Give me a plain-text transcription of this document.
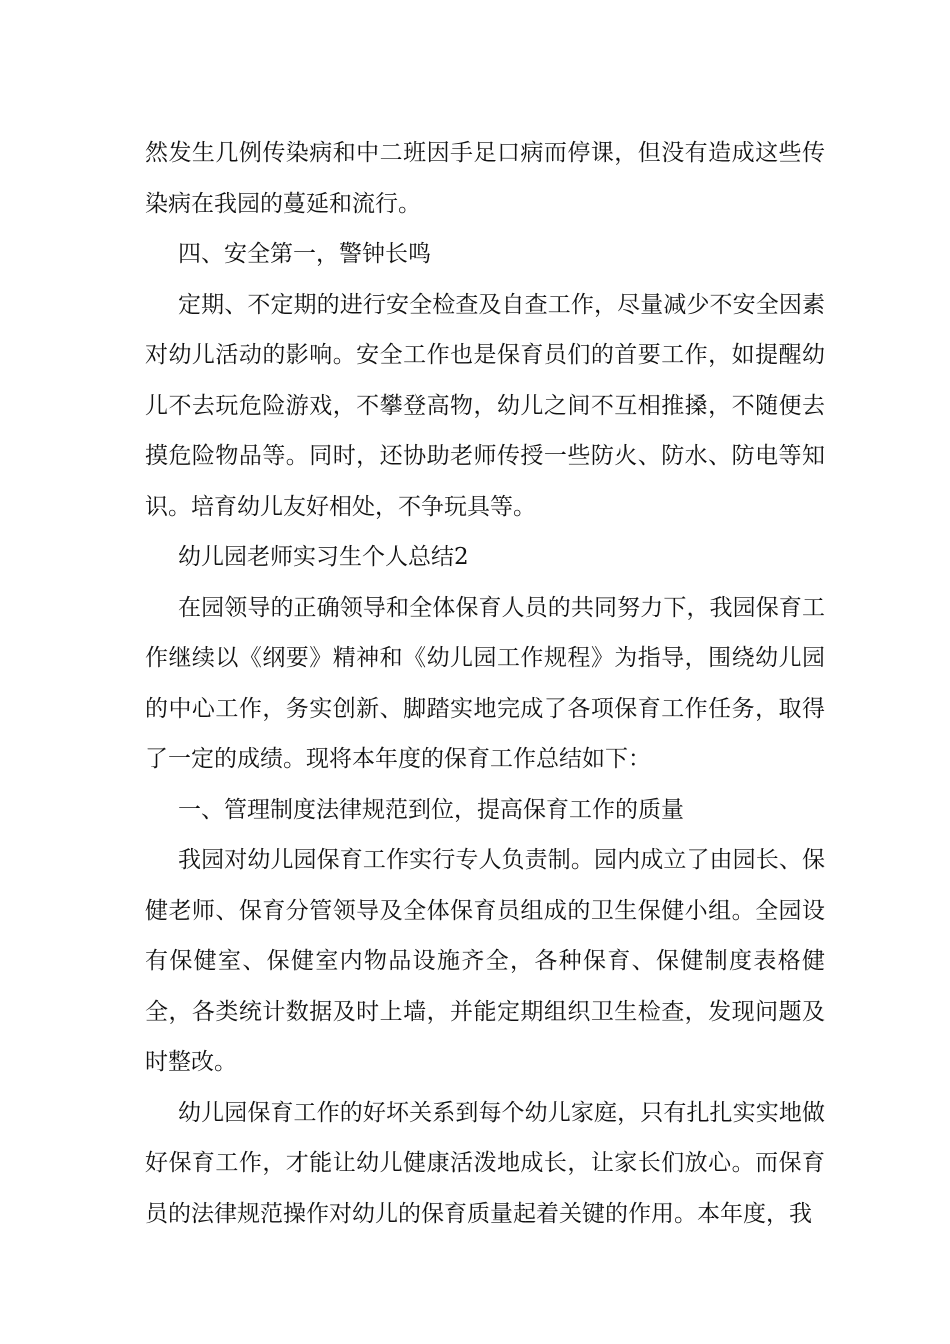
然发生几例传染病和中二班因手足口病而停课，但没有造成这些传染病在我园的蔓延和流行。

四、安全第一，警钟长鸣

定期、不定期的进行安全检查及自查工作，尽量减少不安全因素对幼儿活动的影响。安全工作也是保育员们的首要工作，如提醒幼儿不去玩危险游戏，不攀登高物，幼儿之间不互相推搡，不随便去摸危险物品等。同时，还协助老师传授一些防火、防水、防电等知识。培育幼儿友好相处，不争玩具等。

幼儿园老师实习生个人总结2

在园领导的正确领导和全体保育人员的共同努力下，我园保育工作继续以《纲要》精神和《幼儿园工作规程》为指导，围绕幼儿园的中心工作，务实创新、脚踏实地完成了各项保育工作任务，取得了一定的成绩。现将本年度的保育工作总结如下：

一、管理制度法律规范到位，提高保育工作的质量

我园对幼儿园保育工作实行专人负责制。园内成立了由园长、保健老师、保育分管领导及全体保育员组成的卫生保健小组。全园设有保健室、保健室内物品设施齐全，各种保育、保健制度表格健全，各类统计数据及时上墙，并能定期组织卫生检查，发现问题及时整改。

幼儿园保育工作的好坏关系到每个幼儿家庭，只有扎扎实实地做好保育工作，才能让幼儿健康活泼地成长，让家长们放心。而保育员的法律规范操作对幼儿的保育质量起着关键的作用。本年度，我
